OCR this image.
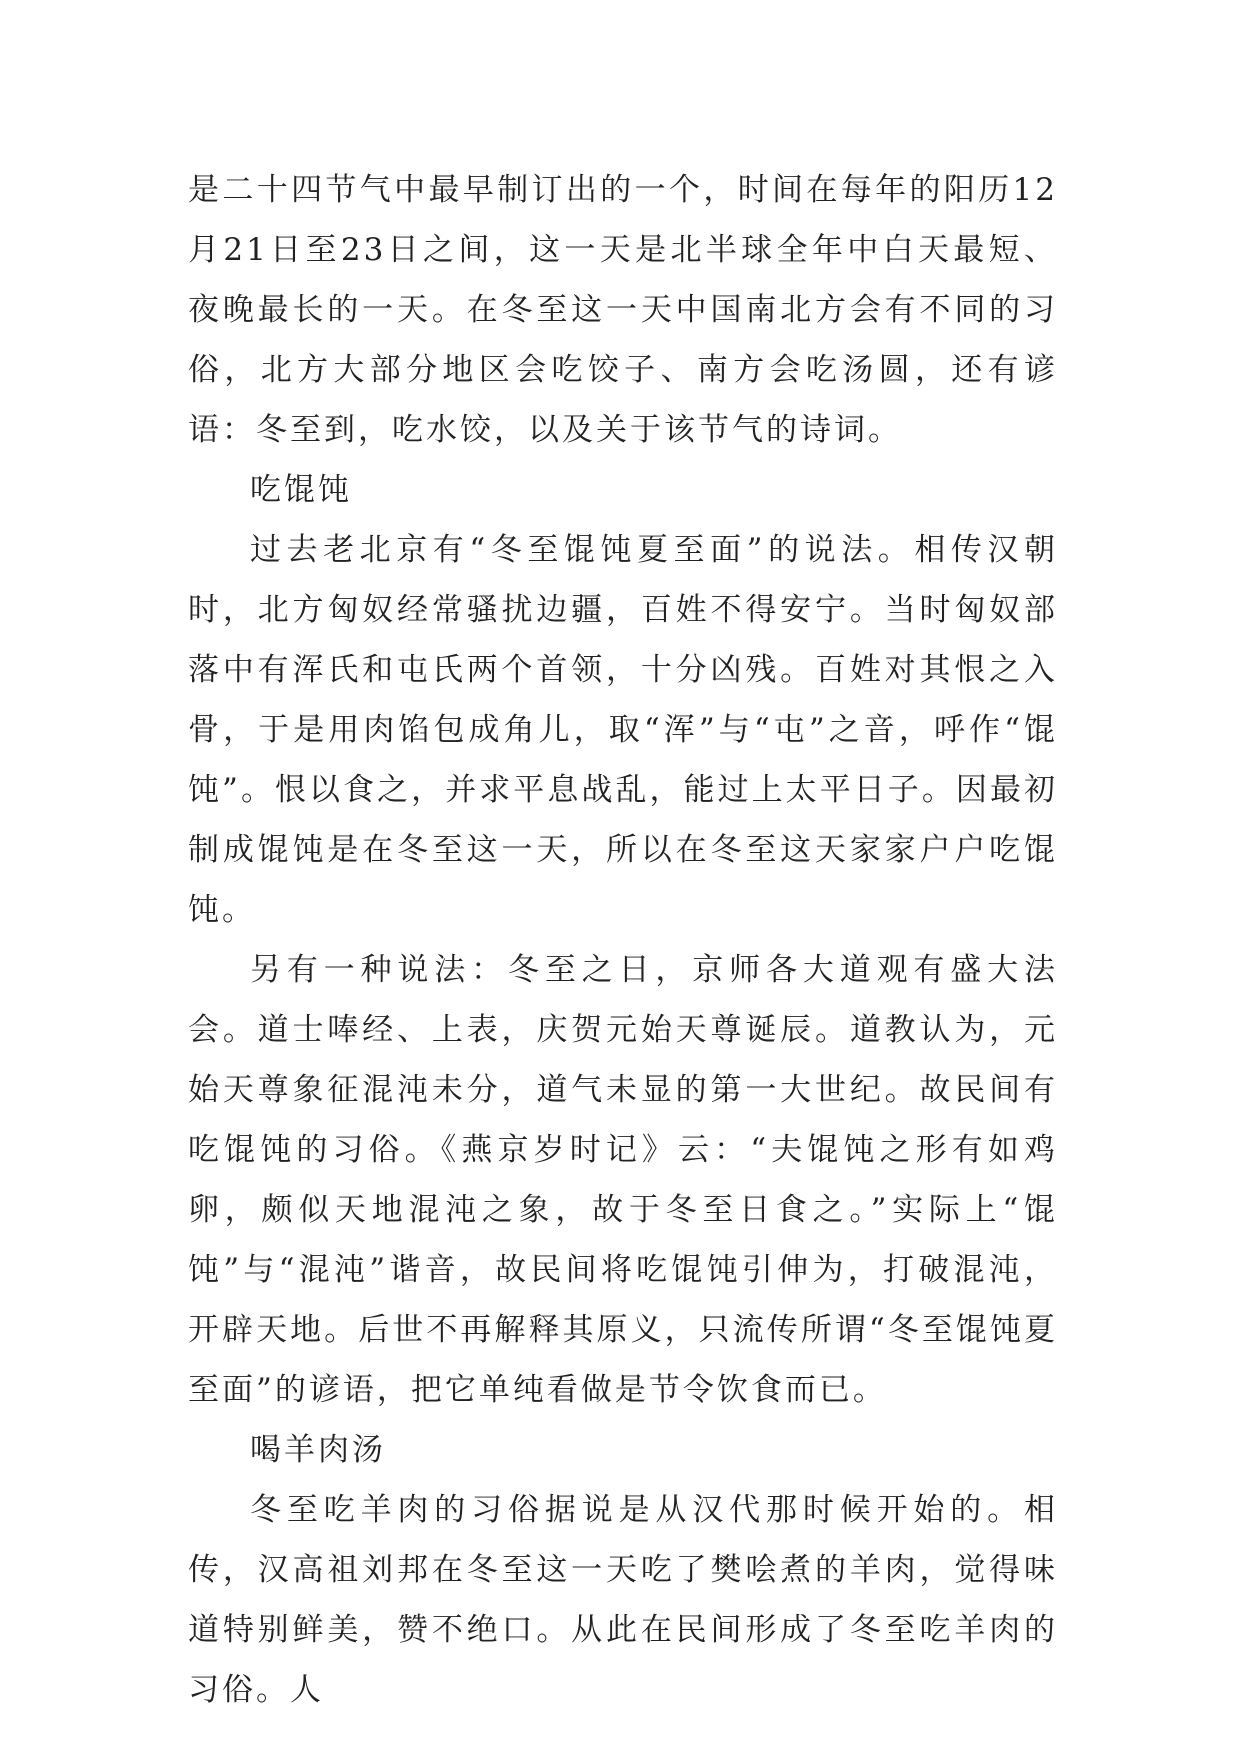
是二十四节气中最早制订出的一个，时间在每年的阳历12月21日至23日之间，这一天是北半球全年中白天最短、夜晚最长的一天。在冬至这一天中国南北方会有不同的习俗，北方大部分地区会吃饺子、南方会吃汤圆，还有谚语：冬至到，吃水饺，以及关于该节气的诗词。

吃馄饨

过去老北京有“冬至馄饨夏至面”的说法。相传汉朝时，北方匈奴经常骚扰边疆，百姓不得安宁。当时匈奴部落中有浑氏和屯氏两个首领，十分凶残。百姓对其恨之入骨，于是用肉馅包成角儿，取“浑”与“屯”之音，呼作“馄饨”。恨以食之，并求平息战乱，能过上太平日子。因最初制成馄饨是在冬至这一天，所以在冬至这天家家户户吃馄饨。

另有一种说法：冬至之日，京师各大道观有盛大法会。道士唪经、上表，庆贺元始天尊诞辰。道教认为，元始天尊象征混沌未分，道气未显的第一大世纪。故民间有吃馄饨的习俗。《燕京岁时记》云：“夫馄饨之形有如鸡卵，颇似天地混沌之象，故于冬至日食之。”实际上“馄饨”与“混沌”谐音，故民间将吃馄饨引伸为，打破混沌，开辟天地。后世不再解释其原义，只流传所谓“冬至馄饨夏至面”的谚语，把它单纯看做是节令饮食而已。

喝羊肉汤

冬至吃羊肉的习俗据说是从汉代那时候开始的。相传，汉高祖刘邦在冬至这一天吃了樊哙煮的羊肉，觉得味道特别鲜美，赞不绝口。从此在民间形成了冬至吃羊肉的习俗。人
